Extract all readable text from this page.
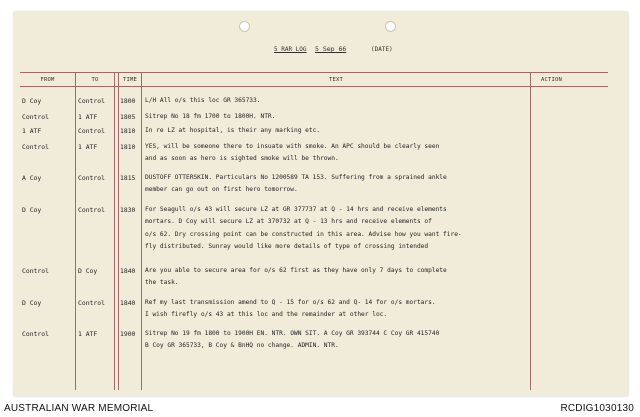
5 RAR LOG 5 Sep 66	(DATE)
FROM	TO	TIME	TEXT	ACTION
D Coy	Control 1800 L/H All o/s this loc GR 365733.
Control	1 ATF	1805 Sitrep No 18 fm 1700 to 1800H. NTR.
1 ATF	Control 1810 In re LZ at hospital, is their any marking etc.
Control	1 ATF	1810 YES, will be someone there to insuate with smoke. An APC should be clearly seen
and as soon as hero is sighted smoke will be thrown.
A Coy	Control 1815 DUSTOFF OTTERSKIN. Particulars No 1200589 TA 153. Suffering from a sprained ankle
member can go out on first hero tomorrow.
D Coy	Control 1830 For Seagull o/s 43 will secure LZ at GR 377737 at Q - 14 hrs and receive elements
mortars. D Coy will secure LZ at 370732 at Q - 13 hrs and receive elements of
o/s 62. Dry crossing point can be constructed in this area. Advise how you want fire-
fly distributed. Sunray would like more details of type of crossing intended
Control	D Coy	1840 Are you able to secure area for o/s 62 first as they have only 7 days to complete
the task.
D Coy	Control 1840 Ref my last transmission amend to Q - 15 for o/s 62 and Q- 14 for o/s mortars.
I wish firefly o/s 43 at this loc and the remainder at other loc.
Control	1 ATF	1900 Sitrep No 19 fm 1800 to 1900H EN. NTR. OWN SIT. A Coy GR 393744 C Coy GR 415740
B Coy GR 365733, B Coy & BnHQ no change. ADMIN. NTR.
AUSTRALIAN WAR MEMORIAL	RCDIG1030130
